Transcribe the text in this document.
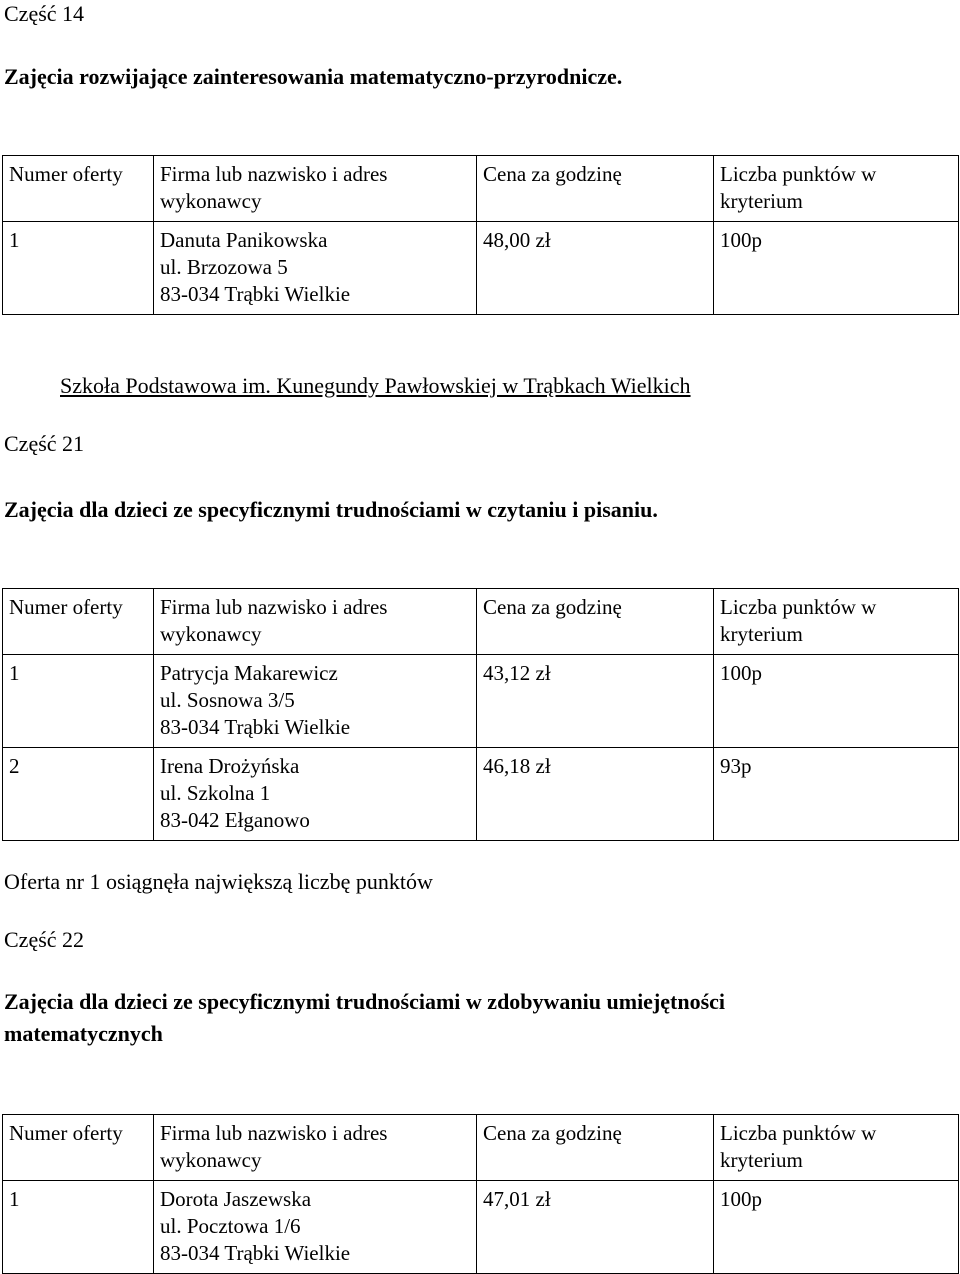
Część 14
Zajęcia rozwijające zainteresowania matematyczno-przyrodnicze.
Numer oferty	Firma lub nazwisko i adres wykonawcy	Cena za godzinę	Liczba punktów w kryterium
1	Danuta Panikowska
ul. Brzozowa 5
83-034 Trąbki Wielkie	48,00 zł	100p
Szkoła Podstawowa im. Kunegundy Pawłowskiej w Trąbkach Wielkich
Część 21
Zajęcia dla dzieci ze specyficznymi trudnościami w czytaniu i pisaniu.
Numer oferty	Firma lub nazwisko i adres wykonawcy	Cena za godzinę	Liczba punktów w kryterium
1	Patrycja Makarewicz
ul. Sosnowa 3/5
83-034 Trąbki Wielkie	43,12 zł	100p
2	Irena Drożyńska
ul. Szkolna 1
83-042 Ełganowo	46,18 zł	93p
Oferta nr 1 osiągnęła największą liczbę punktów
Część 22
Zajęcia dla dzieci ze specyficznymi trudnościami w zdobywaniu umiejętności
matematycznych
Numer oferty	Firma lub nazwisko i adres wykonawcy	Cena za godzinę	Liczba punktów w kryterium
1	Dorota Jaszewska
ul. Pocztowa 1/6
83-034 Trąbki Wielkie	47,01 zł	100p
